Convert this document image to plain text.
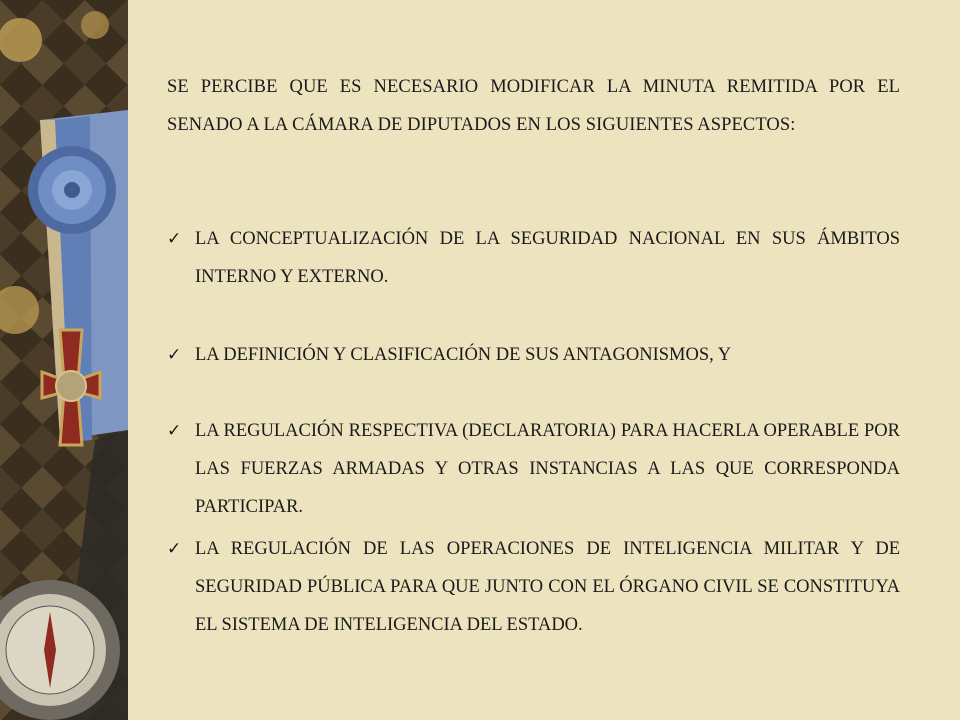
SE PERCIBE QUE ES NECESARIO MODIFICAR LA MINUTA REMITIDA POR EL SENADO A LA CÁMARA DE DIPUTADOS EN LOS SIGUIENTES ASPECTOS:

✓ LA CONCEPTUALIZACIÓN DE LA SEGURIDAD NACIONAL EN SUS ÁMBITOS INTERNO Y EXTERNO.
✓ LA DEFINICIÓN Y CLASIFICACIÓN DE SUS ANTAGONISMOS, Y
✓ LA REGULACIÓN RESPECTIVA (DECLARATORIA) PARA HACERLA OPERABLE POR LAS FUERZAS ARMADAS Y OTRAS INSTANCIAS A LAS QUE CORRESPONDA PARTICIPAR.
✓ LA REGULACIÓN DE LAS OPERACIONES DE INTELIGENCIA MILITAR Y DE SEGURIDAD PÚBLICA PARA QUE JUNTO CON EL ÓRGANO CIVIL SE CONSTITUYA EL SISTEMA DE INTELIGENCIA DEL ESTADO.
